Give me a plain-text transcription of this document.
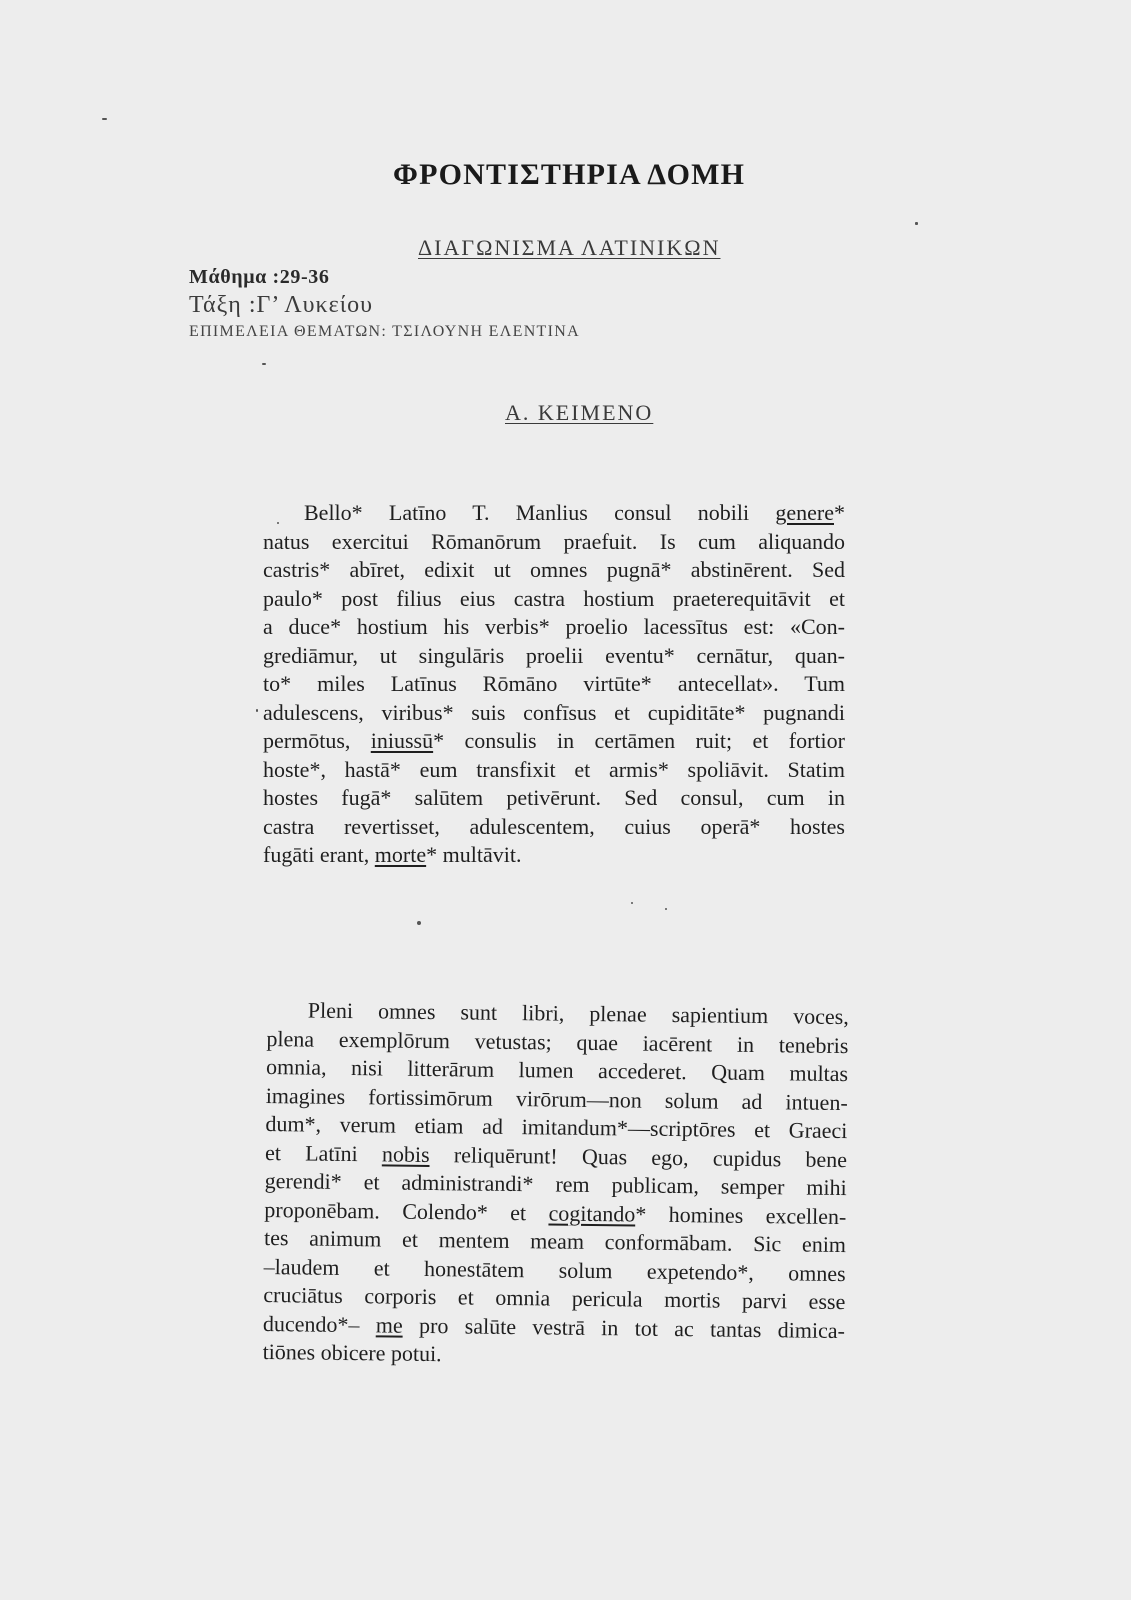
ΦΡΟΝΤΙΣΤΗΡΙΑ ΔΟΜΗ
ΔΙΑΓΩΝΙΣΜΑ ΛΑΤΙΝΙΚΩΝ
Μάθημα :29-36
Τάξη :Γ’ Λυκείου
ΕΠΙΜΕΛΕΙΑ ΘΕΜΑΤΩΝ: ΤΣΙΛΟΥΝΗ ΕΛΕΝΤΙΝΑ
Α. ΚΕΙΜΕΝΟ
Bello* Latīno T. Manlius consul nobili genere*
natus exercitui Rōmanōrum praefuit. Is cum aliquando
castris* abīret, edixit ut omnes pugnā* abstinērent. Sed
paulo* post filius eius castra hostium praeterequitāvit et
a duce* hostium his verbis* proelio lacessītus est: «Con-
grediāmur, ut singulāris proelii eventu* cernātur, quan-
to* miles Latīnus Rōmāno virtūte* antecellat». Tum
adulescens, viribus* suis confīsus et cupiditāte* pugnandi
permōtus, iniussū* consulis in certāmen ruit; et fortior
hoste*, hastā* eum transfixit et armis* spoliāvit. Statim
hostes fugā* salūtem petivērunt. Sed consul, cum in
castra revertisset, adulescentem, cuius operā* hostes
fugāti erant, morte* multāvit.
Pleni omnes sunt libri, plenae sapientium voces,
plena exemplōrum vetustas; quae iacērent in tenebris
omnia, nisi litterārum lumen accederet. Quam multas
imagines fortissimōrum virōrum—non solum ad intuen-
dum*, verum etiam ad imitandum*—scriptōres et Graeci
et Latīni nobis reliquērunt! Quas ego, cupidus bene
gerendi* et administrandi* rem publicam, semper mihi
proponēbam. Colendo* et cogitando* homines excellen-
tes animum et mentem meam conformābam. Sic enim
–laudem et honestātem solum expetendo*, omnes
cruciātus corporis et omnia pericula mortis parvi esse
ducendo*– me pro salūte vestrā in tot ac tantas dimica-
tiōnes obicere potui.
